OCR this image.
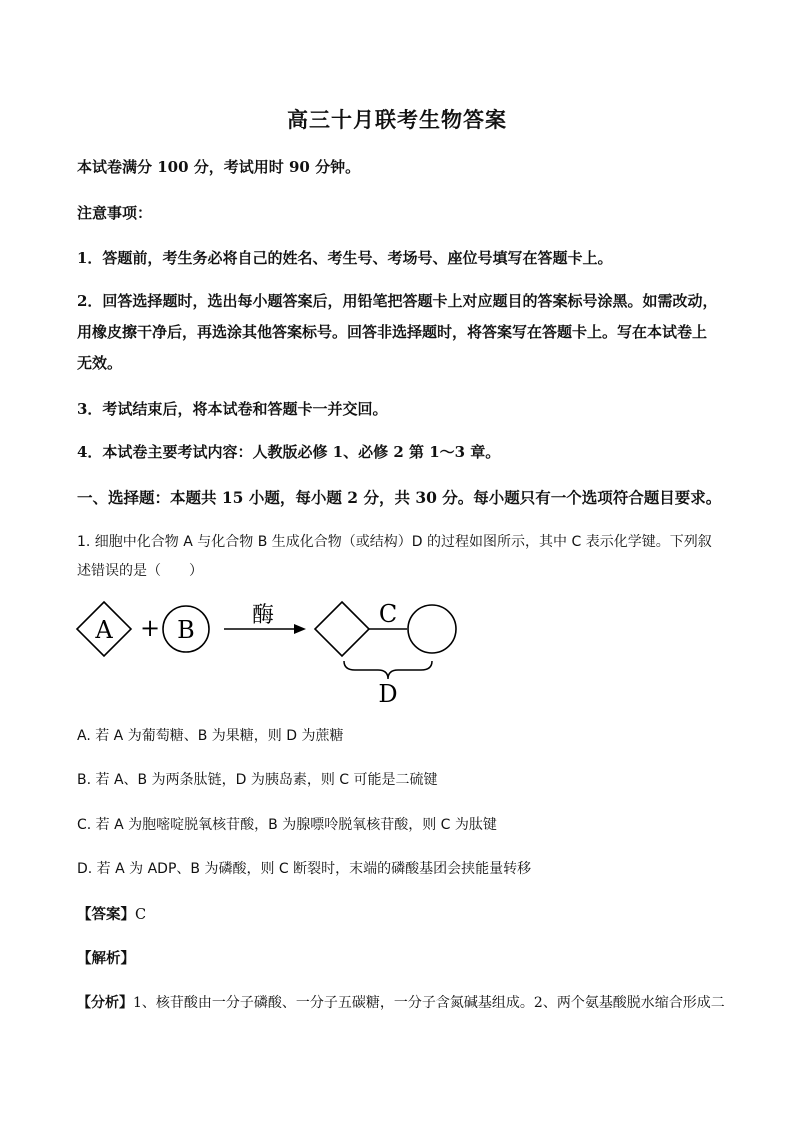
高三十月联考生物答案
本试卷满分 100 分，考试用时 90 分钟。
注意事项：
1．答题前，考生务必将自己的姓名、考生号、考场号、座位号填写在答题卡上。
2．回答选择题时，选出每小题答案后，用铅笔把答题卡上对应题目的答案标号涂黑。如需改动，用橡皮擦干净后，再选涂其他答案标号。回答非选择题时，将答案写在答题卡上。写在本试卷上无效。
3．考试结束后，将本试卷和答题卡一并交回。
4．本试卷主要考试内容：人教版必修 1、必修 2 第 1～3 章。
一、选择题：本题共 15 小题，每小题 2 分，共 30 分。每小题只有一个选项符合题目要求。
1. 细胞中化合物 A 与化合物 B 生成化合物（或结构）D 的过程如图所示，其中 C 表示化学键。下列叙述错误的是（　　）
A + B
酶	C
D
A. 若 A 为葡萄糖、B 为果糖，则 D 为蔗糖
B. 若 A、B 为两条肽链，D 为胰岛素，则 C 可能是二硫键
C. 若 A 为胞嘧啶脱氧核苷酸，B 为腺嘌呤脱氧核苷酸，则 C 为肽键
D. 若 A 为 ADP、B 为磷酸，则 C 断裂时，末端的磷酸基团会挟能量转移
【答案】C
【解析】
【分析】1、核苷酸由一分子磷酸、一分子五碳糖，一分子含氮碱基组成。2、两个氨基酸脱水缩合形成二
